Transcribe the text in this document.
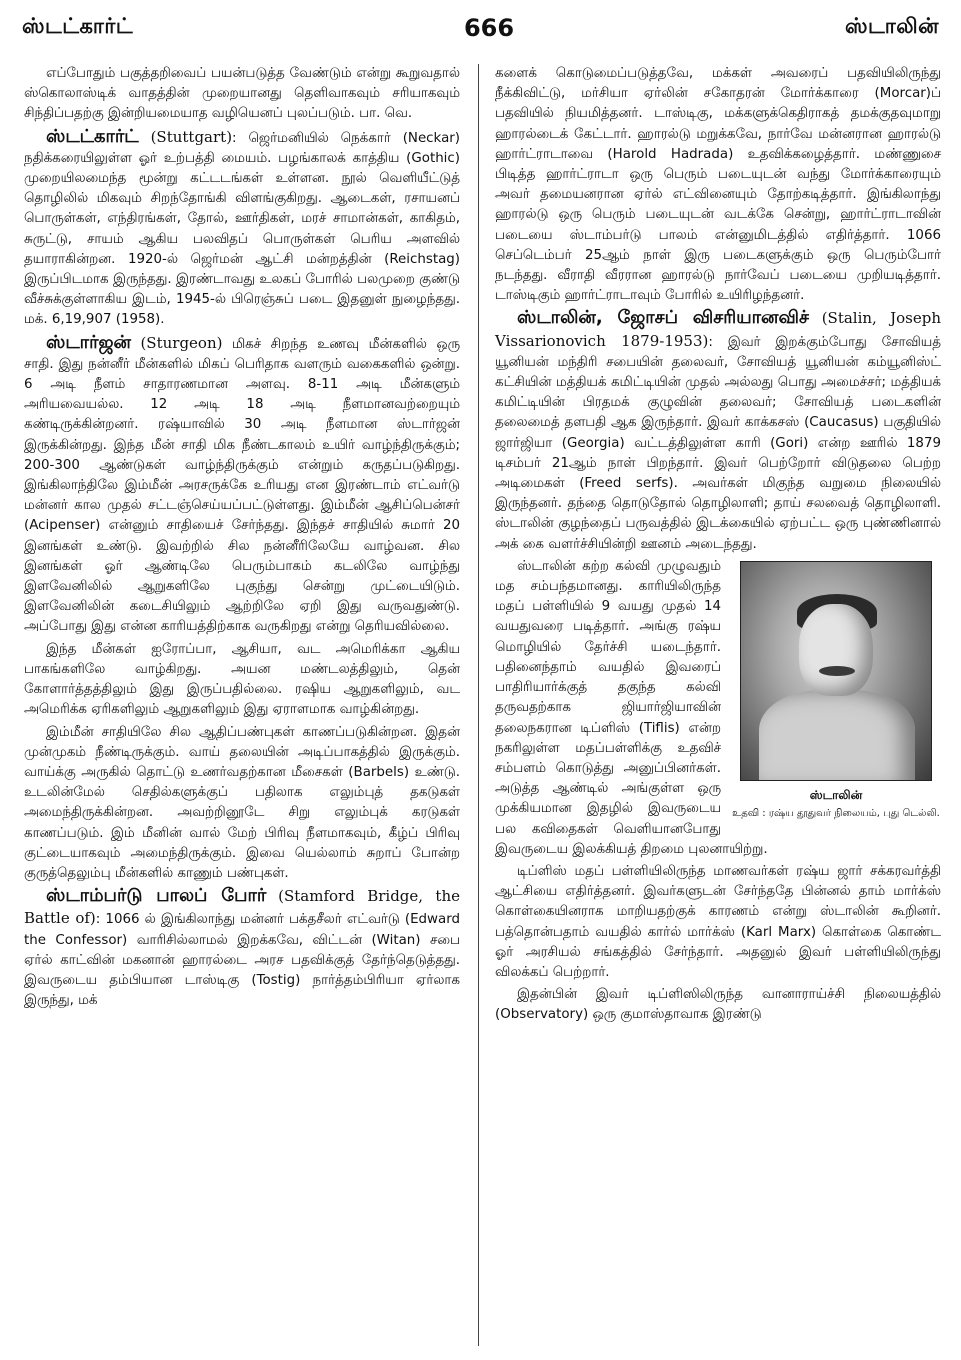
ஸ்டட்கார்ட்	666	ஸ்டாலின்

எப்போதும் பகுத்தறிவைப் பயன்படுத்த வேண்டும் என்று கூறுவதால் ஸ்கொலாஸ்டிக் வாதத்தின் முறையானது தெளிவாகவும் சரியாகவும் சிந்திப்பதற்கு இன்றியமையாத வழியெனப் புலப்படும். பா. வெ.

ஸ்டட்கார்ட் (Stuttgart): ஜெர்மனியில் நெக்கார் (Neckar) நதிக்கரையிலுள்ள ஓர் உற்பத்தி மையம். பழங்காலக் காத்திய (Gothic) முறையிலமைந்த மூன்று கட்டடங்கள் உள்ளன. நூல் வெளியீட்டுத் தொழிலில் மிகவும் சிறந்தோங்கி விளங்குகிறது. ஆடைகள், ரசாயனப் பொருள்கள், எந்திரங்கள், தோல், ஊர்திகள், மரச் சாமான்கள், காகிதம், சுருட்டு, சாயம் ஆகிய பலவிதப் பொருள்கள் பெரிய அளவில் தயாராகின்றன. 1920-ல் ஜெர்மன் ஆட்சி மன்றத்தின் (Reichstag) இருப்பிடமாக இருந்தது. இரண்டாவது உலகப் போரில் பலமுறை குண்டு வீச்சுக்குள்ளாகிய இடம், 1945-ல் பிரெஞ்சுப் படை இதனுள் நுழைந்தது. மக். 6,19,907 (1958).

ஸ்டார்ஜன் (Sturgeon) மிகச் சிறந்த உணவு மீன்களில் ஒரு சாதி. இது நன்னீர் மீன்களில் மிகப் பெரிதாக வளரும் வகைகளில் ஒன்று. 6 அடி நீளம் சாதாரணமான அளவு. 8-11 அடி மீன்களும் அரியவையல்ல. 12 அடி 18 அடி நீளமானவற்றையும் கண்டிருக்கின்றனர். ரஷ்யாவில் 30 அடி நீளமான ஸ்டார்ஜன் இருக்கின்றது. இந்த மீன் சாதி மிக நீண்டகாலம் உயிர் வாழ்ந்திருக்கும்; 200-300 ஆண்டுகள் வாழ்ந்திருக்கும் என்றும் கருதப்படுகிறது. இங்கிலாந்திலே இம்மீன் அரசருக்கே உரியது என இரண்டாம் எட்வர்டு மன்னர் கால முதல் சட்டஞ்செய்யப்பட்டுள்ளது. இம்மீன் ஆசிப்பென்சர் (Acipenser) என்னும் சாதியைச் சேர்ந்தது. இந்தச் சாதியில் சுமார் 20 இனங்கள் உண்டு. இவற்றில் சில நன்னீரிலேயே வாழ்வன. சில இனங்கள் ஓர் ஆண்டிலே பெரும்பாகம் கடலிலே வாழ்ந்து இளவேனிலில் ஆறுகளிலே புகுந்து சென்று முட்டையிடும். இளவேனிலின் கடைசியிலும் ஆற்றிலே ஏறி இது வருவதுண்டு. அப்போது இது என்ன காரியத்திற்காக வருகிறது என்று தெரியவில்லை.

இந்த மீன்கள் ஐரோப்பா, ஆசியா, வட அமெரிக்கா ஆகிய பாகங்களிலே வாழ்கிறது. அயன மண்டலத்திலும், தென் கோளார்த்தத்திலும் இது இருப்பதில்லை. ரஷிய ஆறுகளிலும், வட அமெரிக்க ஏரிகளிலும் ஆறுகளிலும் இது ஏராளமாக வாழ்கின்றது.

இம்மீன் சாதியிலே சில ஆதிப்பண்புகள் காணப்படுகின்றன. இதன் முன்முகம் நீண்டிருக்கும். வாய் தலையின் அடிப்பாகத்தில் இருக்கும். வாய்க்கு அருகில் தொட்டு உணர்வதற்கான மீசைகள் (Barbels) உண்டு. உடலின்மேல் செதில்களுக்குப் பதிலாக எலும்புத் தகடுகள் அமைந்திருக்கின்றன. அவற்றினூடே சிறு எலும்புக் கரடுகள் காணப்படும். இம் மீனின் வால் மேற் பிரிவு நீளமாகவும், கீழ்ப் பிரிவு குட்டையாகவும் அமைந்திருக்கும். இவை யெல்லாம் சுறாப் போன்ற குருத்தெலும்பு மீன்களில் காணும் பண்புகள்.

ஸ்டாம்பர்டு பாலப் போர் (Stamford Bridge, the Battle of): 1066 ல் இங்கிலாந்து மன்னர் பக்தசீலர் எட்வர்டு (Edward the Confessor) வாரிசில்லாமல் இறக்கவே, விட்டன் (Witan) சபை ஏர்ல் காட்வின் மகனான் ஹாரல்டை அரச பதவிக்குத் தேர்ந்தெடுத்தது. இவருடைய தம்பியான டாஸ்டிகு (Tostig) நார்த்தம்பிரியா ஏர்லாக இருந்து, மக்

களைக் கொடுமைப்படுத்தவே, மக்கள் அவரைப் பதவியிலிருந்து நீக்கிவிட்டு, மர்சியா ஏர்லின் சகோதரன் மோர்க்காரை (Morcar)ப் பதவியில் நியமித்தனர். டாஸ்டிகு, மக்களுக்கெதிராகத் தமக்குதவுமாறு ஹாரல்டைக் கேட்டார். ஹாரல்டு மறுக்கவே, நார்வே மன்னரான ஹாரல்டு ஹார்ட்ராடாவை (Harold Hadrada) உதவிக்கழைத்தார். மண்ணுசை பிடித்த ஹார்ட்ராடா ஒரு பெரும் படையுடன் வந்து மோர்க்காரையும் அவர் தமையனரான ஏர்ல் எட்வினையும் தோற்கடித்தார். இங்கிலாந்து ஹாரல்டு ஒரு பெரும் படையுடன் வடக்கே சென்று, ஹார்ட்ராடாவின் படையை ஸ்டாம்பர்டு பாலம் என்னுமிடத்தில் எதிர்த்தார். 1066 செப்டெம்பர் 25ஆம் நாள் இரு படைகளுக்கும் ஒரு பெரும்போர் நடந்தது. வீராதி வீரரான ஹாரல்டு நார்வேப் படையை முறியடித்தார். டாஸ்டிகும் ஹார்ட்ராடாவும் போரில் உயிரிழந்தனர்.

ஸ்டாலின், ஜோசப் விசரியானவிச் (Stalin, Joseph Vissarionovich 1879-1953): இவர் இறக்கும்போது சோவியத் யூனியன் மந்திரி சபையின் தலைவர், சோவியத் யூனியன் கம்யூனிஸ்ட் கட்சியின் மத்தியக் கமிட்டியின் முதல் அல்லது பொது அமைச்சர்; மத்தியக் கமிட்டியின் பிரதமக் குழுவின் தலைவர்; சோவியத் படைகளின் தலைமைத் தளபதி ஆக இருந்தார். இவர் காக்கசஸ் (Caucasus) பகுதியில் ஜார்ஜியா (Georgia) வட்டத்திலுள்ள காரி (Gori) என்ற ஊரில் 1879 டிசம்பர் 21ஆம் நாள் பிறந்தார். இவர் பெற்றோர் விடுதலை பெற்ற அடிமைகள் (Freed serfs). அவர்கள் மிகுந்த வறுமை நிலையில் இருந்தனர். தந்தை தொடுதோல் தொழிலாளி; தாய் சலவைத் தொழிலாளி. ஸ்டாலின் குழந்தைப் பருவத்தில் இடக்கையில் ஏற்பட்ட ஒரு புண்ணினால் அக் கை வளர்ச்சியின்றி ஊனம் அடைந்தது.

ஸ்டாலின்
உதவி : ரஷ்ய தூதுவர் நிலையம், புது டெல்லி.

ஸ்டாலின் கற்ற கல்வி முழுவதும் மத சம்பந்தமானது. காரியிலிருந்த மதப் பள்ளியில் 9 வயது முதல் 14 வயதுவரை படித்தார். அங்கு ரஷ்ய மொழியில் தேர்ச்சி யடைந்தார். பதினைந்தாம் வயதில் இவரைப் பாதிரியார்க்குத் தகுந்த கல்வி தருவதற்காக ஜியார்ஜியாவின் தலைநகரான டிப்ளிஸ் (Tiflis) என்ற நகரிலுள்ள மதப்பள்ளிக்கு உதவிச் சம்பளம் கொடுத்து அனுப்பினர்கள். அடுத்த ஆண்டில் அங்குள்ள ஒரு முக்கியமான இதழில் இவருடைய பல கவிதைகள் வெளியானபோது இவருடைய இலக்கியத் திறமை புலனாயிற்று.

டிப்ளிஸ் மதப் பள்ளியிலிருந்த மாணவர்கள் ரஷ்ய ஜார் சக்கரவர்த்தி ஆட்சியை எதிர்த்தனர். இவர்களுடன் சேர்ந்ததே பின்னல் தாம் மார்க்ஸ் கொள்கையினராக மாறியதற்குக் காரணம் என்று ஸ்டாலின் கூறினர். பத்தொன்பதாம் வயதில் கார்ல் மார்க்ஸ் (Karl Marx) கொள்கை கொண்ட ஓர் அரசியல் சங்கத்தில் சேர்ந்தார். அதனுல் இவர் பள்ளியிலிருந்து விலக்கப் பெற்றார்.

இதன்பின் இவர் டிப்ளிஸிலிருந்த வானாராய்ச்சி நிலையத்தில் (Observatory) ஒரு குமாஸ்தாவாக இரண்டு
